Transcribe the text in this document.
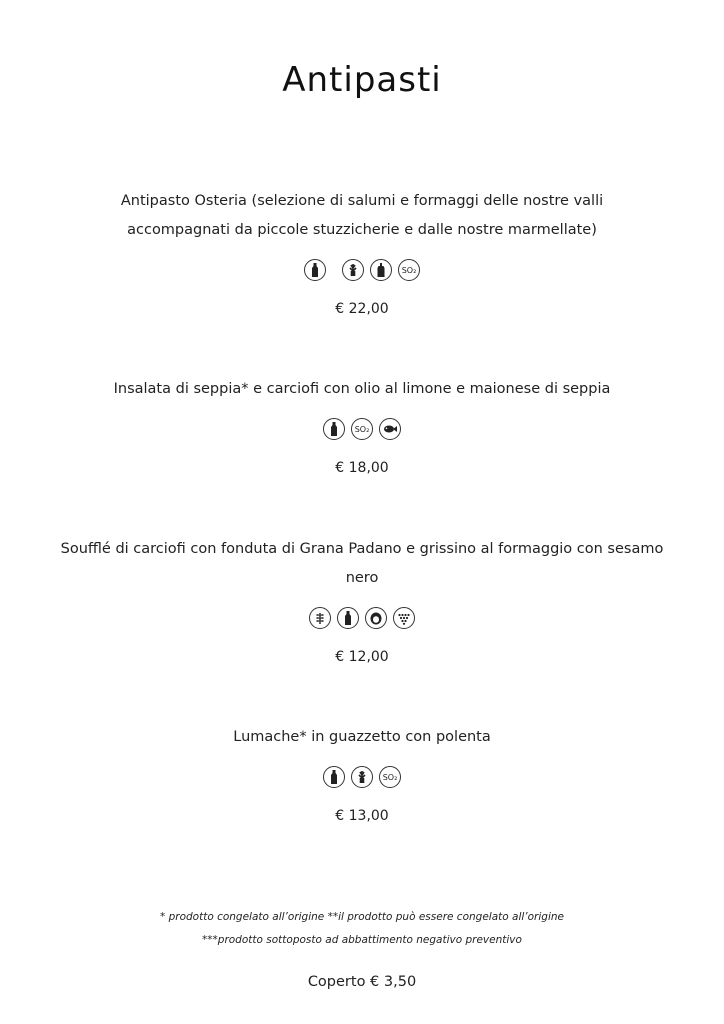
Antipasti
Antipasto Osteria (selezione di salumi e formaggi delle nostre valli accompagnati da piccole stuzzicherie e dalle nostre marmellate)
SO₂
€ 22,00
Insalata di seppia* e carciofi con olio al limone e maionese di seppia
SO₂
€ 18,00
Soufflé di carciofi con fonduta di Grana Padano e grissino al formaggio con sesamo nero
€ 12,00
Lumache* in guazzetto con polenta
SO₂
€ 13,00
* prodotto congelato all’origine **il prodotto può essere congelato all’origine
***prodotto sottoposto ad abbattimento negativo preventivo
Coperto € 3,50
